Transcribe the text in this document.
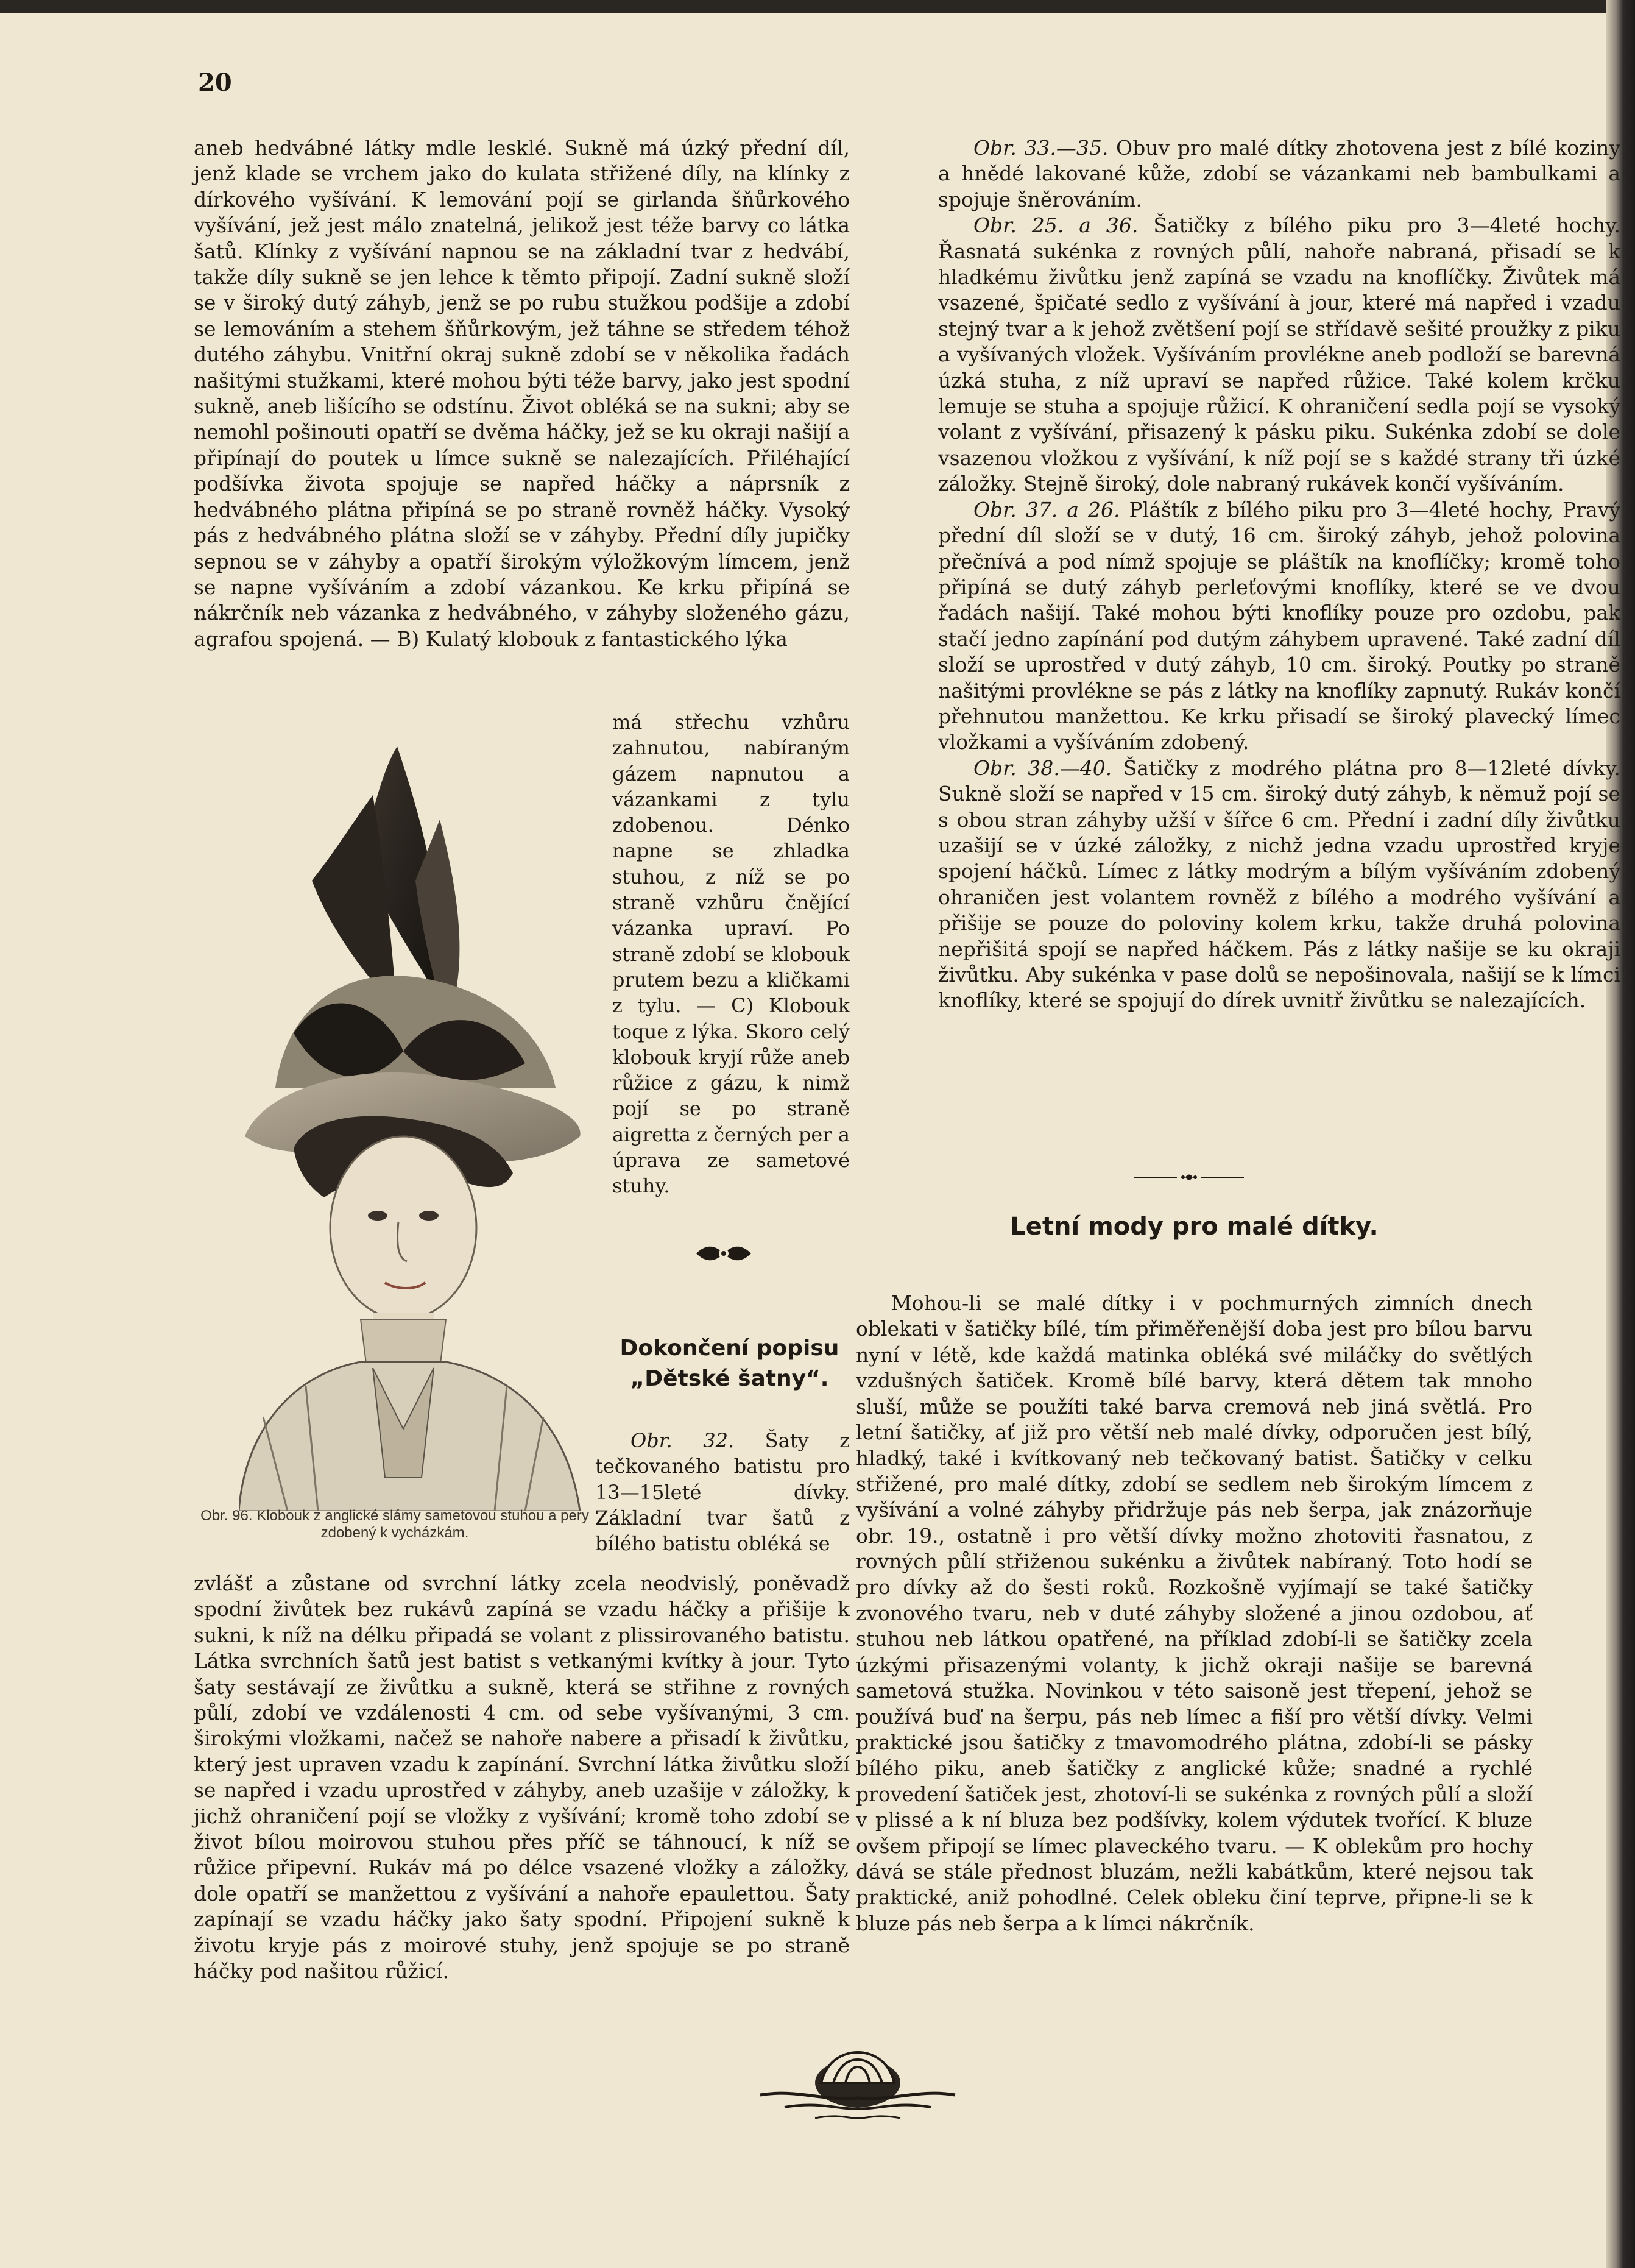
20

aneb hedvábné látky mdle lesklé. Sukně má úzký přední díl, jenž klade se vrchem jako do kulata střižené díly, na klínky z dírkového vyšívání. K lemování pojí se girlanda šňůrkového vyšívání, jež jest málo znatelná, jelikož jest téže barvy co látka šatů. Klínky z vyšívání napnou se na základní tvar z hedvábí, takže díly sukně se jen lehce k těmto připojí. Zadní sukně složí se v široký dutý záhyb, jenž se po rubu stužkou podšije a zdobí se lemováním a stehem šňůrkovým, jež táhne se středem téhož dutého záhybu. Vnitřní okraj sukně zdobí se v několika řadách našitými stužkami, které mohou býti téže barvy, jako jest spodní sukně, aneb lišícího se odstínu. Život obléká se na sukni; aby se nemohl pošinouti opatří se dvěma háčky, jež se ku okraji našijí a připínají do poutek u límce sukně se nalezajících. Přiléhající podšívka života spojuje se napřed háčky a náprsník z hedvábného plátna připíná se po straně rovněž háčky. Vysoký pás z hedvábného plátna složí se v záhyby. Přední díly jupičky sepnou se v záhyby a opatří širokým výložkovým límcem, jenž se napne vyšíváním a zdobí vázankou. Ke krku připíná se nákrčník neb vázanka z hedvábného, v záhyby složeného gázu, agrafou spojená. — B) Kulatý klobouk z fantastického lýka

má střechu vzhůru zahnutou, nabíraným gázem napnutou a vázankami z tylu zdobenou. Dénko napne se zhladka stuhou, z níž se po straně vzhůru čnějící vázanka upraví. Po straně zdobí se klobouk prutem bezu a kličkami z tylu. — C) Klobouk toque z lýka. Skoro celý klobouk kryjí růže aneb růžice z gázu, k nimž pojí se po straně aigretta z černých per a úprava ze sametové stuhy.

Obr. 96. Klobouk z anglické slámy sametovou stuhou a pery zdobený k vycházkám.
Dokončení popisu „Dětské šatny“.

Obr. 32. Šaty z tečkovaného batistu pro 13—15leté dívky. Základní tvar šatů z bílého batistu obléká se

zvlášť a zůstane od svrchní látky zcela neodvislý, poněvadž spodní živůtek bez rukávů zapíná se vzadu háčky a přišije k sukni, k níž na délku připadá se volant z plissirovaného batistu. Látka svrchních šatů jest batist s vetkanými kvítky à jour. Tyto šaty sestávají ze živůtku a sukně, která se střihne z rovných půlí, zdobí ve vzdálenosti 4 cm. od sebe vyšívanými, 3 cm. širokými vložkami, načež se nahoře nabere a přisadí k živůtku, který jest upraven vzadu k zapínání. Svrchní látka živůtku složí se napřed i vzadu uprostřed v záhyby, aneb uzašije v záložky, k jichž ohraničení pojí se vložky z vyšívání; kromě toho zdobí se život bílou moirovou stuhou přes příč se táhnoucí, k níž se růžice připevní. Rukáv má po délce vsazené vložky a záložky, dole opatří se manžettou z vyšívání a nahoře epaulettou. Šaty zapínají se vzadu háčky jako šaty spodní. Připojení sukně k životu kryje pás z moirové stuhy, jenž spojuje se po straně háčky pod našitou růžicí.

Obr. 33.—35. Obuv pro malé dítky zhotovena jest z bílé koziny a hnědé lakované kůže, zdobí se vázankami neb bambulkami a spojuje šněrováním.

Obr. 25. a 36. Šatičky z bílého piku pro 3—4leté hochy. Řasnatá sukénka z rovných půlí, nahoře nabraná, přisadí se k hladkému živůtku jenž zapíná se vzadu na knoflíčky. Živůtek má vsazené, špičaté sedlo z vyšívání à jour, které má napřed i vzadu stejný tvar a k jehož zvětšení pojí se střídavě sešité proužky z piku a vyšívaných vložek. Vyšíváním provlékne aneb podloží se barevná úzká stuha, z níž upraví se napřed růžice. Také kolem krčku lemuje se stuha a spojuje růžicí. K ohraničení sedla pojí se vysoký volant z vyšívání, přisazený k pásku piku. Sukénka zdobí se dole vsazenou vložkou z vyšívání, k níž pojí se s každé strany tři úzké záložky. Stejně široký, dole nabraný rukávek končí vyšíváním.

Obr. 37. a 26. Pláštík z bílého piku pro 3—4leté hochy, Pravý přední díl složí se v dutý, 16 cm. široký záhyb, jehož polovina přečnívá a pod nímž spojuje se pláštík na knoflíčky; kromě toho připíná se dutý záhyb perleťovými knoflíky, které se ve dvou řadách našijí. Také mohou býti knoflíky pouze pro ozdobu, pak stačí jedno zapínání pod dutým záhybem upravené. Také zadní díl složí se uprostřed v dutý záhyb, 10 cm. široký. Poutky po straně našitými provlékne se pás z látky na knoflíky zapnutý. Rukáv končí přehnutou manžettou. Ke krku přisadí se široký plavecký límec vložkami a vyšíváním zdobený.

Obr. 38.—40. Šatičky z modrého plátna pro 8—12leté dívky. Sukně složí se napřed v 15 cm. široký dutý záhyb, k němuž pojí se s obou stran záhyby užší v šířce 6 cm. Přední i zadní díly živůtku uzašijí se v úzké záložky, z nichž jedna vzadu uprostřed kryje spojení háčků. Límec z látky modrým a bílým vyšíváním zdobený ohraničen jest volantem rovněž z bílého a modrého vyšívání a přišije se pouze do poloviny kolem krku, takže druhá polovina nepřišitá spojí se napřed háčkem. Pás z látky našije se ku okraji živůtku. Aby sukénka v pase dolů se nepošinovala, našijí se k límci knoflíky, které se spojují do dírek uvnitř živůtku se nalezajících.

Letní mody pro malé dítky.

Mohou-li se malé dítky i v pochmurných zimních dnech oblekati v šatičky bílé, tím přiměřenější doba jest pro bílou barvu nyní v létě, kde každá matinka obléká své miláčky do světlých vzdušných šatiček. Kromě bílé barvy, která dětem tak mnoho sluší, může se použíti také barva cremová neb jiná světlá. Pro letní šatičky, ať již pro větší neb malé dívky, odporučen jest bílý, hladký, také i kvítkovaný neb tečkovaný batist. Šatičky v celku střižené, pro malé dítky, zdobí se sedlem neb širokým límcem z vyšívání a volné záhyby přidržuje pás neb šerpa, jak znázorňuje obr. 19., ostatně i pro větší dívky možno zhotoviti řasnatou, z rovných půlí střiženou sukénku a živůtek nabíraný. Toto hodí se pro dívky až do šesti roků. Rozkošně vyjímají se také šatičky zvonového tvaru, neb v duté záhyby složené a jinou ozdobou, ať stuhou neb látkou opatřené, na příklad zdobí-li se šatičky zcela úzkými přisazenými volanty, k jichž okraji našije se barevná sametová stužka. Novinkou v této saisoně jest třepení, jehož se používá buď na šerpu, pás neb límec a fiší pro větší dívky. Velmi praktické jsou šatičky z tmavomodrého plátna, zdobí-li se pásky bílého piku, aneb šatičky z anglické kůže; snadné a rychlé provedení šatiček jest, zhotoví-li se sukénka z rovných půlí a složí v plissé a k ní bluza bez podšívky, kolem výdutek tvořící. K bluze ovšem připojí se límec plaveckého tvaru. — K oblekům pro hochy dává se stále přednost bluzám, nežli kabátkům, které nejsou tak praktické, aniž pohodlné. Celek obleku činí teprve, připne-li se k bluze pás neb šerpa a k límci nákrčník.
